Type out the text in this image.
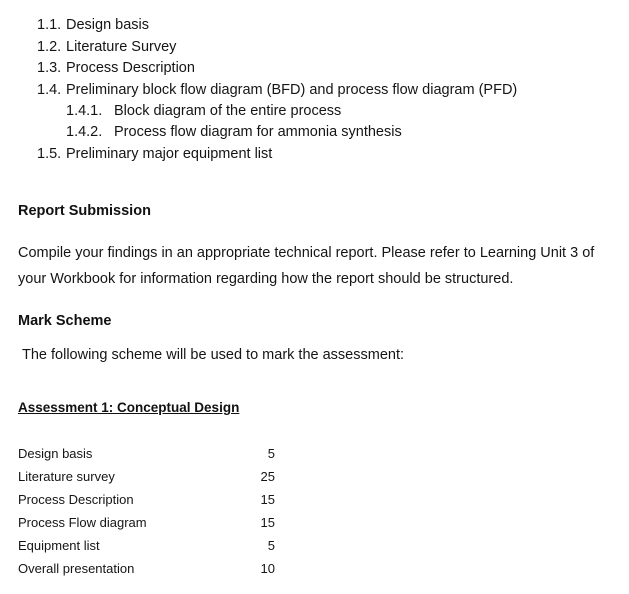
1.1. Design basis
1.2. Literature Survey
1.3. Process Description
1.4. Preliminary block flow diagram (BFD) and process flow diagram (PFD)
1.4.1. Block diagram of the entire process
1.4.2. Process flow diagram for ammonia synthesis
1.5. Preliminary major equipment list
Report Submission
Compile your findings in an appropriate technical report. Please refer to Learning Unit 3 of
your Workbook for information regarding how the report should be structured.
Mark Scheme
The following scheme will be used to mark the assessment:
Assessment 1: Conceptual Design
Design basis	5
Literature survey	25
Process Description	15
Process Flow diagram	15
Equipment list	5
Overall presentation	10
